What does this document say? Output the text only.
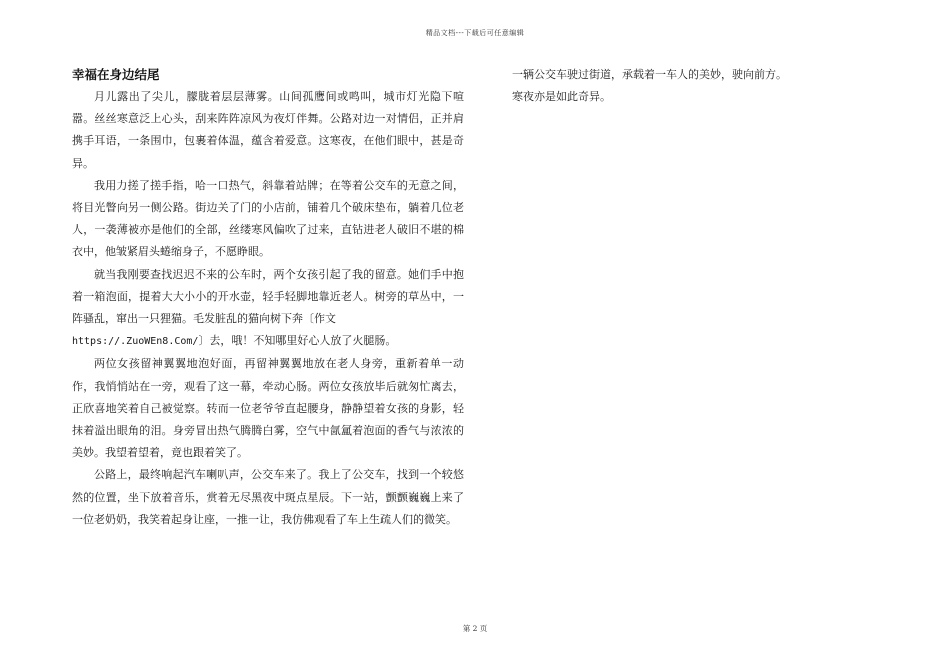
精品文档---下载后可任意编辑
幸福在身边结尾

月儿露出了尖儿，朦胧着层层薄雾。山间孤鹰间或鸣叫，城市灯光隐下喧嚣。丝丝寒意泛上心头，刮来阵阵凉风为夜灯伴舞。公路对边一对情侣，正并肩携手耳语，一条围巾，包裹着体温，蕴含着爱意。这寒夜，在他们眼中，甚是奇异。

我用力搓了搓手指，哈一口热气，斜靠着站牌；在等着公交车的无意之间，将目光瞥向另一侧公路。街边关了门的小店前，铺着几个破床垫布，躺着几位老人，一袭薄被亦是他们的全部，丝缕寒风偏吹了过来，直钻进老人破旧不堪的棉衣中，他皱紧眉头蜷缩身子，不愿睁眼。

就当我刚要查找迟迟不来的公车时，两个女孩引起了我的留意。她们手中抱着一箱泡面，提着大大小小的开水壶，轻手轻脚地靠近老人。树旁的草丛中，一阵骚乱，窜出一只狸猫。毛发脏乱的猫向树下奔〔作文

https://.ZuoWEn8.Com/〕去，哦！不知哪里好心人放了火腿肠。

两位女孩留神翼翼地泡好面，再留神翼翼地放在老人身旁，重新着单一动作，我悄悄站在一旁，观看了这一幕，牵动心肠。两位女孩放毕后就匆忙离去，正欣喜地笑着自己被觉察。转而一位老爷爷直起腰身，静静望着女孩的身影，轻抹着溢出眼角的泪。身旁冒出热气腾腾白雾，空气中氤氲着泡面的香气与浓浓的美妙。我望着望着，竟也跟着笑了。

公路上，最终响起汽车喇叭声，公交车来了。我上了公交车，找到一个较悠然的位置，坐下放着音乐，赏着无尽黑夜中斑点星辰。下一站，颤颤巍巍上来了一位老奶奶，我笑着起身让座，一推一让，我仿佛观看了车上生疏人们的微笑。

一辆公交车驶过街道，承载着一车人的美妙，驶向前方。

寒夜亦是如此奇异。

第 2 页
